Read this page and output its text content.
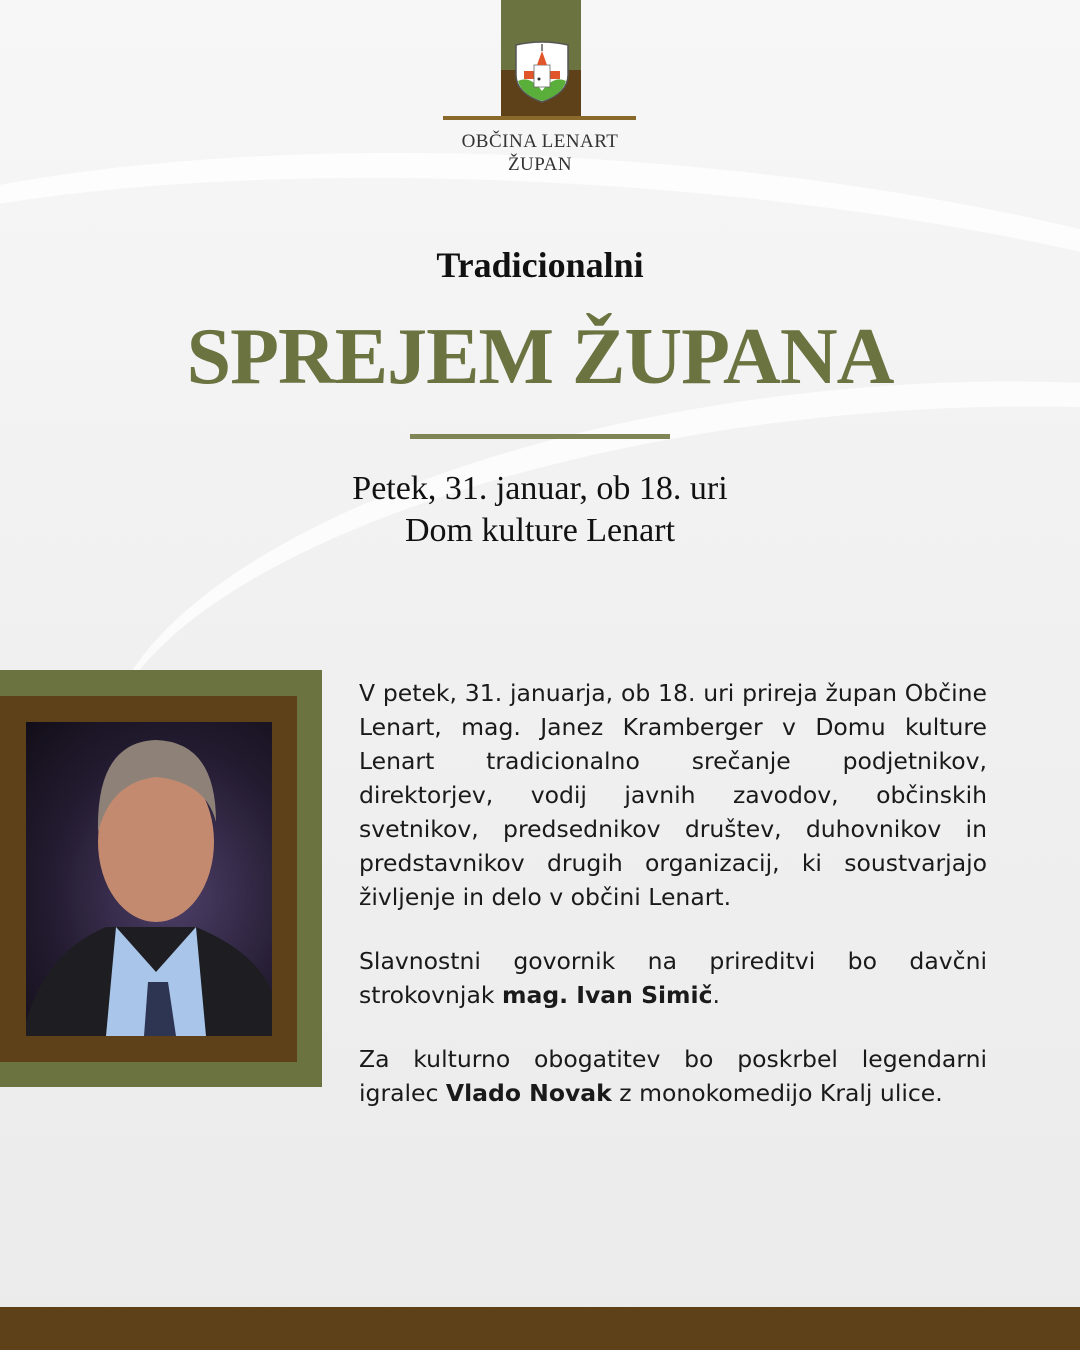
OBČINA LENART
ŽUPAN
Tradicionalni
SPREJEM ŽUPANA
Petek, 31. januar, ob 18. uri
Dom kulture Lenart

V petek, 31. januarja, ob 18. uri prireja župan Občine Lenart, mag. Janez Kramberger v Domu kulture Lenart tradicionalno srečanje podjetnikov, direktorjev, vodij javnih zavodov, občinskih svetnikov, predsednikov društev, duhovnikov in predstavnikov drugih organizacij, ki soustvarjajo življenje in delo v občini Lenart.

Slavnostni govornik na prireditvi bo davčni strokovnjak mag. Ivan Simič.

Za kulturno obogatitev bo poskrbel legendarni igralec Vlado Novak z monokomedijo Kralj ulice.
